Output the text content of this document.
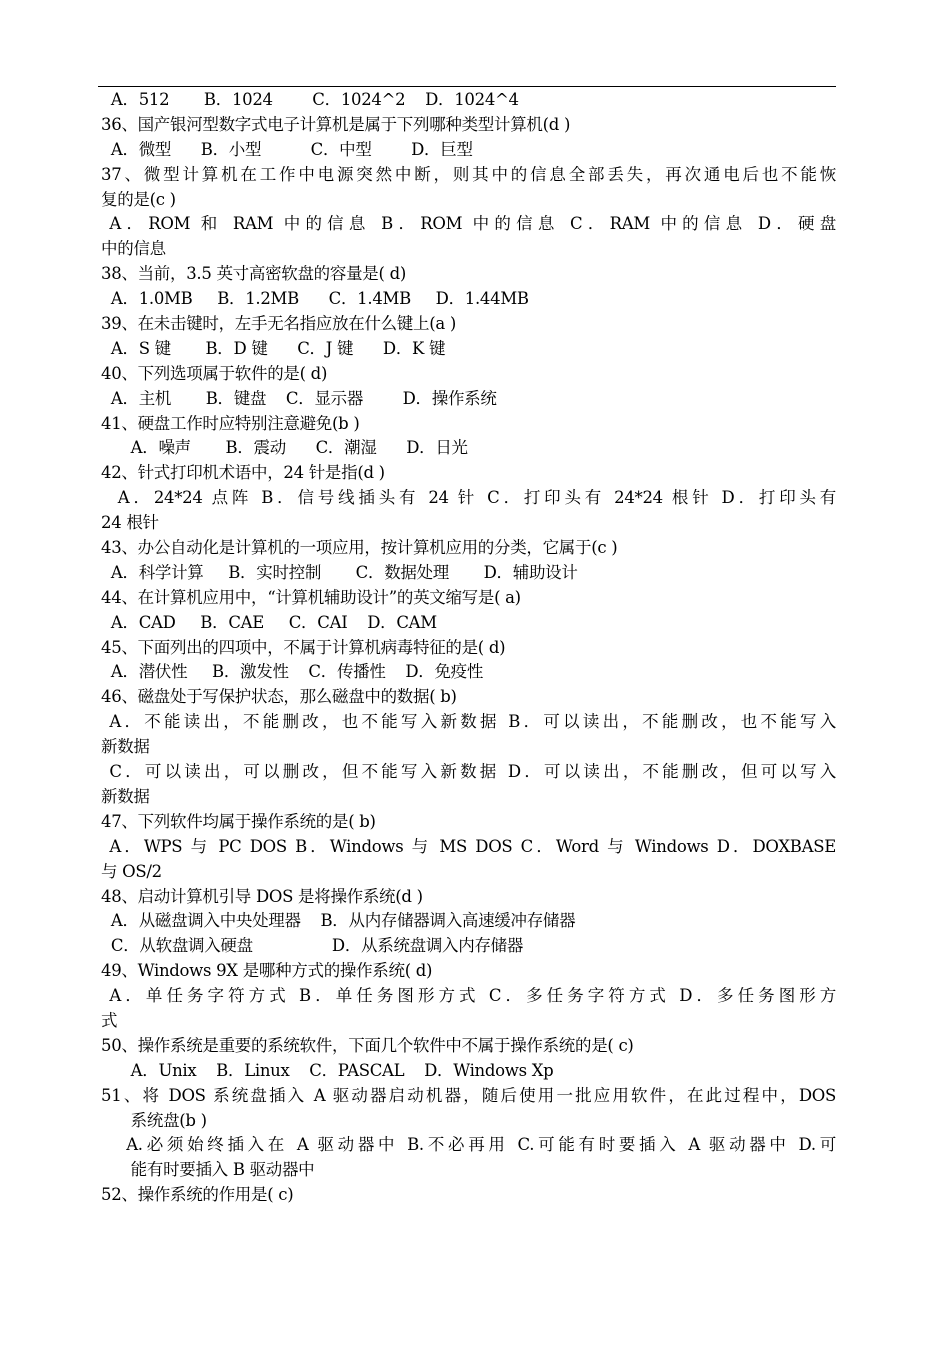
A．512       B．1024        C．1024^2    D．1024^4
36、国产银河型数字式电子计算机是属于下列哪种类型计算机(d )
A．微型      B．小型          C．中型        D．巨型
37、微型计算机在工作中电源突然中断，则其中的信息全部丢失，再次通电后也不能恢
复的是(c )
A．ROM 和 RAM 中的信息 B．ROM 中的信息 C．RAM 中的信息 D．硬盘
中的信息
38、当前，3.5 英寸高密软盘的容量是( d)
A．1.0MB     B．1.2MB      C．1.4MB     D．1.44MB
39、在未击键时，左手无名指应放在什么键上(a )
A．S 键       B．D 键      C．J 键      D．K 键
40、下列选项属于软件的是( d)
A．主机       B．键盘    C．显示器        D．操作系统
41、硬盘工作时应特别注意避免(b )
A．噪声       B．震动      C．潮湿      D．日光
42、针式打印机术语中，24 针是指(d )
A．24*24 点阵 B．信号线插头有 24 针 C．打印头有 24*24 根针 D．打印头有
24 根针
43、办公自动化是计算机的一项应用，按计算机应用的分类，它属于(c )
A．科学计算     B．实时控制       C．数据处理       D．辅助设计
44、在计算机应用中，“计算机辅助设计”的英文缩写是( a)
A．CAD     B．CAE     C．CAI    D．CAM
45、下面列出的四项中，不属于计算机病毒特征的是( d)
A．潜伏性     B．激发性    C．传播性    D．免疫性
46、磁盘处于写保护状态，那么磁盘中的数据( b)
A．不能读出，不能删改，也不能写入新数据 B．可以读出，不能删改，也不能写入
新数据
C．可以读出，可以删改，但不能写入新数据 D．可以读出，不能删改，但可以写入
新数据
47、下列软件均属于操作系统的是( b)
A．WPS 与 PC DOS B．Windows 与 MS DOS C．Word 与 Windows D．DOXBASE
与 OS/2
48、启动计算机引导 DOS 是将操作系统(d )
A．从磁盘调入中央处理器    B．从内存储器调入高速缓冲存储器
C．从软盘调入硬盘                D．从系统盘调入内存储器
49、Windows 9X 是哪种方式的操作系统( d)
A．单任务字符方式 B．单任务图形方式 C．多任务字符方式 D．多任务图形方
式
50、操作系统是重要的系统软件，下面几个软件中不属于操作系统的是( c)
A．Unix    B．Linux    C．PASCAL    D．Windows Xp
51、将 DOS 系统盘插入 A 驱动器启动机器，随后使用一批应用软件，在此过程中，DOS
系统盘(b )
A.必须始终插入在 A 驱动器中 B.不必再用 C.可能有时要插入 A 驱动器中 D.可
能有时要插入 B 驱动器中
52、操作系统的作用是( c)
